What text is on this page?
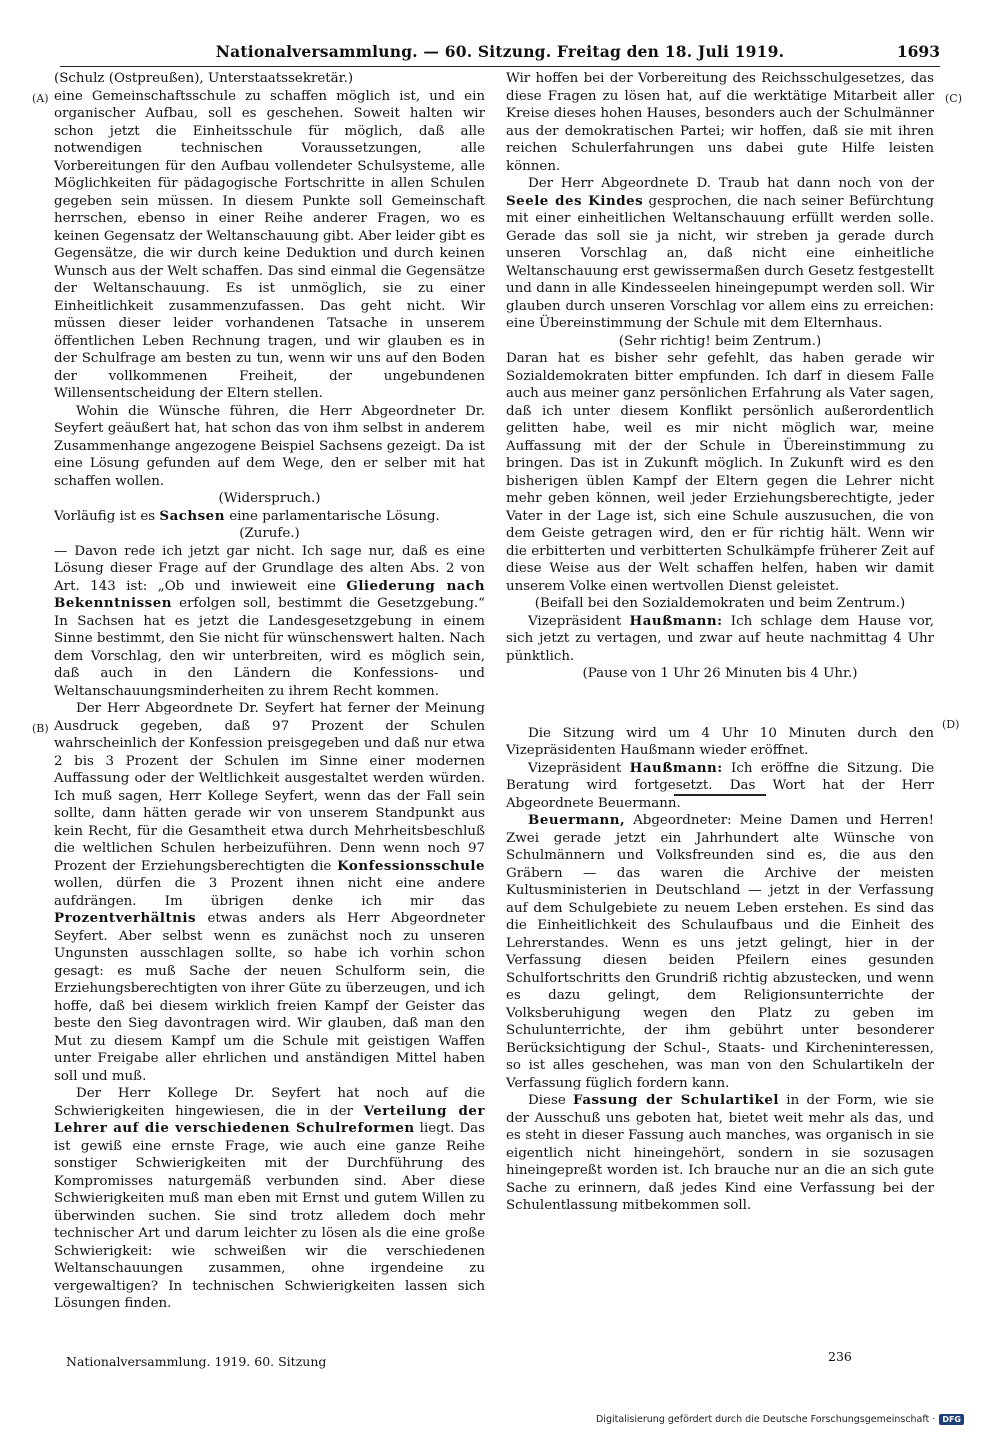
Nationalversammlung. — 60. Sitzung. Freitag den 18. Juli 1919.	1693
(A)
(B)
(C)
(D)

(Schulz (Ostpreußen), Unterstaatssekretär.)

eine Gemeinschaftsschule zu schaffen möglich ist, und ein organischer Aufbau, soll es geschehen. Soweit halten wir schon jetzt die Einheitsschule für möglich, daß alle notwendigen technischen Voraussetzungen, alle Vorbereitungen für den Aufbau vollendeter Schulsysteme, alle Möglichkeiten für pädagogische Fortschritte in allen Schulen gegeben sein müssen. In diesem Punkte soll Gemeinschaft herrschen, ebenso in einer Reihe anderer Fragen, wo es keinen Gegensatz der Weltanschauung gibt. Aber leider gibt es Gegensätze, die wir durch keine Deduktion und durch keinen Wunsch aus der Welt schaffen. Das sind einmal die Gegensätze der Weltanschauung. Es ist unmöglich, sie zu einer Einheitlichkeit zusammenzufassen. Das geht nicht. Wir müssen dieser leider vorhandenen Tatsache in unserem öffentlichen Leben Rechnung tragen, und wir glauben es in der Schulfrage am besten zu tun, wenn wir uns auf den Boden der vollkommenen Freiheit, der ungebundenen Willensentscheidung der Eltern stellen.

Wohin die Wünsche führen, die Herr Abgeordneter Dr. Seyfert geäußert hat, hat schon das von ihm selbst in anderem Zusammenhange angezogene Beispiel Sachsens gezeigt. Da ist eine Lösung gefunden auf dem Wege, den er selber mit hat schaffen wollen.

(Widerspruch.)

Vorläufig ist es Sachsen eine parlamentarische Lösung.

(Zurufe.)

— Davon rede ich jetzt gar nicht. Ich sage nur, daß es eine Lösung dieser Frage auf der Grundlage des alten Abs. 2 von Art. 143 ist: „Ob und inwieweit eine Gliederung nach Bekenntnissen erfolgen soll, bestimmt die Gesetzgebung.“ In Sachsen hat es jetzt die Landesgesetzgebung in einem Sinne bestimmt, den Sie nicht für wünschenswert halten. Nach dem Vorschlag, den wir unterbreiten, wird es möglich sein, daß auch in den Ländern die Konfessions- und Weltanschauungsminderheiten zu ihrem Recht kommen.

Der Herr Abgeordnete Dr. Seyfert hat ferner der Meinung Ausdruck gegeben, daß 97 Prozent der Schulen wahrscheinlich der Konfession preisgegeben und daß nur etwa 2 bis 3 Prozent der Schulen im Sinne einer modernen Auffassung oder der Weltlichkeit ausgestaltet werden würden. Ich muß sagen, Herr Kollege Seyfert, wenn das der Fall sein sollte, dann hätten gerade wir von unserem Standpunkt aus kein Recht, für die Gesamtheit etwa durch Mehrheitsbeschluß die weltlichen Schulen herbeizuführen. Denn wenn noch 97 Prozent der Erziehungsberechtigten die Konfessionsschule wollen, dürfen die 3 Prozent ihnen nicht eine andere aufdrängen. Im übrigen denke ich mir das Prozentverhältnis etwas anders als Herr Abgeordneter Seyfert. Aber selbst wenn es zunächst noch zu unseren Ungunsten ausschlagen sollte, so habe ich vorhin schon gesagt: es muß Sache der neuen Schulform sein, die Erziehungsberechtigten von ihrer Güte zu überzeugen, und ich hoffe, daß bei diesem wirklich freien Kampf der Geister das beste den Sieg davontragen wird. Wir glauben, daß man den Mut zu diesem Kampf um die Schule mit geistigen Waffen unter Freigabe aller ehrlichen und anständigen Mittel haben soll und muß.

Der Herr Kollege Dr. Seyfert hat noch auf die Schwierigkeiten hingewiesen, die in der Verteilung der Lehrer auf die verschiedenen Schulreformen liegt. Das ist gewiß eine ernste Frage, wie auch eine ganze Reihe sonstiger Schwierigkeiten mit der Durchführung des Kompromisses naturgemäß verbunden sind. Aber diese Schwierigkeiten muß man eben mit Ernst und gutem Willen zu überwinden suchen. Sie sind trotz alledem doch mehr technischer Art und darum leichter zu lösen als die eine große Schwierigkeit: wie schweißen wir die verschiedenen Weltanschauungen zusammen, ohne irgendeine zu vergewaltigen? In technischen Schwierigkeiten lassen sich Lösungen finden.

Wir hoffen bei der Vorbereitung des Reichsschulgesetzes, das diese Fragen zu lösen hat, auf die werktätige Mitarbeit aller Kreise dieses hohen Hauses, besonders auch der Schulmänner aus der demokratischen Partei; wir hoffen, daß sie mit ihren reichen Schulerfahrungen uns dabei gute Hilfe leisten können.

Der Herr Abgeordnete D. Traub hat dann noch von der Seele des Kindes gesprochen, die nach seiner Befürchtung mit einer einheitlichen Weltanschauung erfüllt werden solle. Gerade das soll sie ja nicht, wir streben ja gerade durch unseren Vorschlag an, daß nicht eine einheitliche Weltanschauung erst gewissermaßen durch Gesetz festgestellt und dann in alle Kindesseelen hineingepumpt werden soll. Wir glauben durch unseren Vorschlag vor allem eins zu erreichen: eine Übereinstimmung der Schule mit dem Elternhaus.

(Sehr richtig! beim Zentrum.)

Daran hat es bisher sehr gefehlt, das haben gerade wir Sozialdemokraten bitter empfunden. Ich darf in diesem Falle auch aus meiner ganz persönlichen Erfahrung als Vater sagen, daß ich unter diesem Konflikt persönlich außerordentlich gelitten habe, weil es mir nicht möglich war, meine Auffassung mit der der Schule in Übereinstimmung zu bringen. Das ist in Zukunft möglich. In Zukunft wird es den bisherigen üblen Kampf der Eltern gegen die Lehrer nicht mehr geben können, weil jeder Erziehungsberechtigte, jeder Vater in der Lage ist, sich eine Schule auszusuchen, die von dem Geiste getragen wird, den er für richtig hält. Wenn wir die erbitterten und verbitterten Schulkämpfe früherer Zeit auf diese Weise aus der Welt schaffen helfen, haben wir damit unserem Volke einen wertvollen Dienst geleistet.

(Beifall bei den Sozialdemokraten und beim Zentrum.)

Vizepräsident Haußmann: Ich schlage dem Hause vor, sich jetzt zu vertagen, und zwar auf heute nachmittag 4 Uhr pünktlich.

(Pause von 1 Uhr 26 Minuten bis 4 Uhr.)

Die Sitzung wird um 4 Uhr 10 Minuten durch den Vizepräsidenten Haußmann wieder eröffnet.

Vizepräsident Haußmann: Ich eröffne die Sitzung. Die Beratung wird fortgesetzt. Das Wort hat der Herr Abgeordnete Beuermann.

Beuermann, Abgeordneter: Meine Damen und Herren! Zwei gerade jetzt ein Jahrhundert alte Wünsche von Schulmännern und Volksfreunden sind es, die aus den Gräbern — das waren die Archive der meisten Kultusministerien in Deutschland — jetzt in der Verfassung auf dem Schulgebiete zu neuem Leben erstehen. Es sind das die Einheitlichkeit des Schulaufbaus und die Einheit des Lehrerstandes. Wenn es uns jetzt gelingt, hier in der Verfassung diesen beiden Pfeilern eines gesunden Schulfortschritts den Grundriß richtig abzustecken, und wenn es dazu gelingt, dem Religionsunterrichte der Volksberuhigung wegen den Platz zu geben im Schulunterrichte, der ihm gebührt unter besonderer Berücksichtigung der Schul-, Staats- und Kircheninteressen, so ist alles geschehen, was man von den Schulartikeln der Verfassung füglich fordern kann.

Diese Fassung der Schulartikel in der Form, wie sie der Ausschuß uns geboten hat, bietet weit mehr als das, und es steht in dieser Fassung auch manches, was organisch in sie eigentlich nicht hineingehört, sondern in sie sozusagen hineingepreßt worden ist. Ich brauche nur an die an sich gute Sache zu erinnern, daß jedes Kind eine Verfassung bei der Schulentlassung mitbekommen soll.

Nationalversammlung. 1919. 60. Sitzung	236
Digitalisierung gefördert durch die Deutsche Forschungsgemeinschaft · DFG
